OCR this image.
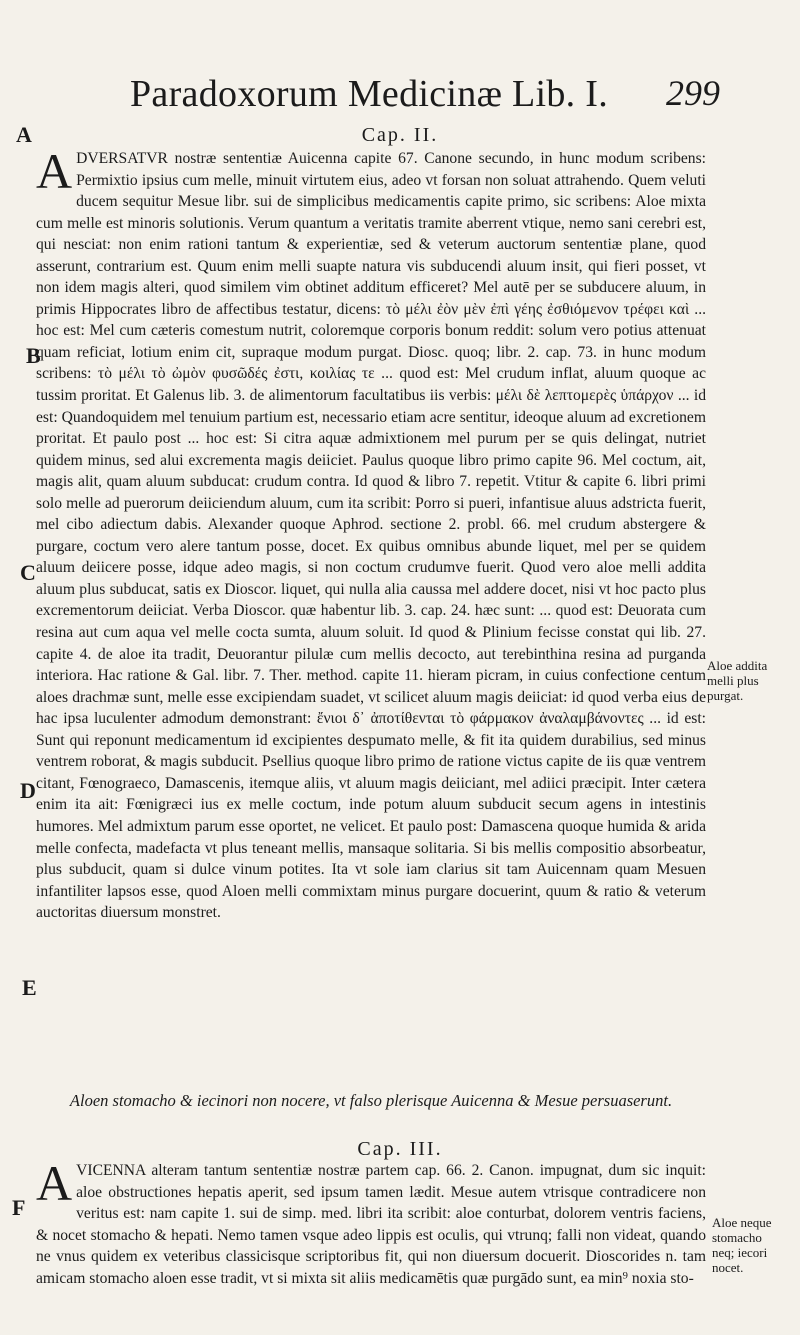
Paradoxorum Medicinæ Lib. I. 299
A
B
C
D
E
F
Cap. II.
A DVERSATVR nostræ sententiæ Auicenna capite 67. Canone secundo, in hunc modum scribens: Permixtio ipsius cum melle, minuit virtutem eius, adeo vt forsan non soluat attrahendo. Quem veluti ducem sequitur Mesue libr. sui de simplicibus medicamentis capite primo, sic scribens: Aloe mixta cum melle est minoris solutionis. Verum quantum a veritatis tramite aberrent vtique, nemo sani cerebri est, qui nesciat: non enim rationi tantum & experientiæ, sed & veterum auctorum sententiæ plane, quod asserunt, contrarium est. Quum enim melli suapte natura vis subducendi aluum insit, qui fieri posset, vt non idem magis alteri, quod similem vim obtinet additum efficeret? Mel autē per se subducere aluum, in primis Hippocrates libro de affectibus testatur, dicens: τὸ μέλι ἐὸν μὲν ἐπὶ γέης ἐσθιόμενον τρέφει καὶ ... hoc est: Mel cum cæteris comestum nutrit, coloremque corporis bonum reddit: solum vero potius attenuat quam reficiat, lotium enim cit, supraque modum purgat. Diosc. quoq; libr. 2. cap. 73. in hunc modum scribens: τὸ μέλι τὸ ὠμὸν φυσῶδές ἐστι, κοιλίας τε ... quod est: Mel crudum inflat, aluum quoque ac tussim proritat. Et Galenus lib. 3. de alimentorum facultatibus iis verbis: μέλι δὲ λεπτομερὲς ὑπάρχον ... id est: Quandoquidem mel tenuium partium est, necessario etiam acre sentitur, ideoque aluum ad excretionem proritat. Et paulo post ... hoc est: Si citra aquæ admixtionem mel purum per se quis delingat, nutriet quidem minus, sed alui excrementa magis deiiciet. Paulus quoque libro primo capite 96. Mel coctum, ait, magis alit, quam aluum subducat: crudum contra. Id quod & libro 7. repetit. Vtitur & capite 6. libri primi solo melle ad puerorum deiiciendum aluum, cum ita scribit: Porro si pueri, infantisue aluus adstricta fuerit, mel cibo adiectum dabis. Alexander quoque Aphrod. sectione 2. probl. 66. mel crudum abstergere & purgare, coctum vero alere tantum posse, docet. Ex quibus omnibus abunde liquet, mel per se quidem aluum deiicere posse, idque adeo magis, si non coctum crudumve fuerit. Quod vero aloe melli addita aluum plus subducat, satis ex Dioscor. liquet, qui nulla alia caussa mel addere docet, nisi vt hoc pacto plus excrementorum deiiciat. Verba Dioscor. quæ habentur lib. 3. cap. 24. hæc sunt: ... quod est: Deuorata cum resina aut cum aqua vel melle cocta sumta, aluum soluit. Id quod & Plinium fecisse constat qui lib. 27. capite 4. de aloe ita tradit, Deuorantur pilulæ cum mellis decocto, aut terebinthina resina ad purganda interiora. Hac ratione & Gal. libr. 7. Ther. method. capite 11. hieram picram, in cuius confectione centum aloes drachmæ sunt, melle esse excipiendam suadet, vt scilicet aluum magis deiiciat: id quod verba eius de hac ipsa luculenter admodum demonstrant: ἔνιοι δ᾽ ἀποτίθενται τὸ φάρμακον ἀναλαμβάνοντες ... id est: Sunt qui reponunt medicamentum id excipientes despumato melle, & fit ita quidem durabilius, sed minus ventrem roborat, & magis subducit. Psellius quoque libro primo de ratione victus capite de iis quæ ventrem citant, Fœnograeco, Damascenis, itemque aliis, vt aluum magis deiiciant, mel adiici præcipit. Inter cætera enim ita ait: Fœnigræci ius ex melle coctum, inde potum aluum subducit secum agens in intestinis humores. Mel admixtum parum esse oportet, ne velicet. Et paulo post: Damascena quoque humida & arida melle confecta, madefacta vt plus teneant mellis, mansaque solitaria. Si bis mellis compositio absorbeatur, plus subducit, quam si dulce vinum potites. Ita vt sole iam clarius sit tam Auicennam quam Mesuen infantiliter lapsos esse, quod Aloen melli commixtam minus purgare docuerint, quum & ratio & veterum auctoritas diuersum monstret.

Aloen stomacho & iecinori non nocere, vt falso plerisque Auicenna & Mesue persuaserunt.
Cap. III.
A VICENNA alteram tantum sententiæ nostræ partem cap. 66. 2. Canon. impugnat, dum sic inquit: aloe obstructiones hepatis aperit, sed ipsum tamen lædit. Mesue autem vtrisque contradicere non veritus est: nam capite 1. sui de simp. med. libri ita scribit: aloe conturbat, dolorem ventris faciens, & nocet stomacho & hepati. Nemo tamen vsque adeo lippis est oculis, qui vtrunq; falli non videat, quando ne vnus quidem ex veteribus classicisque scriptoribus fit, qui non diuersum docuerit. Dioscorides n. tam amicam stomacho aloen esse tradit, vt si mixta sit aliis medicamētis quæ purgādo sunt, ea min⁹ noxia sto-

Aloe addita
melli plus
purgat.
Aloe neque
stomacho
neq; iecori
nocet.
